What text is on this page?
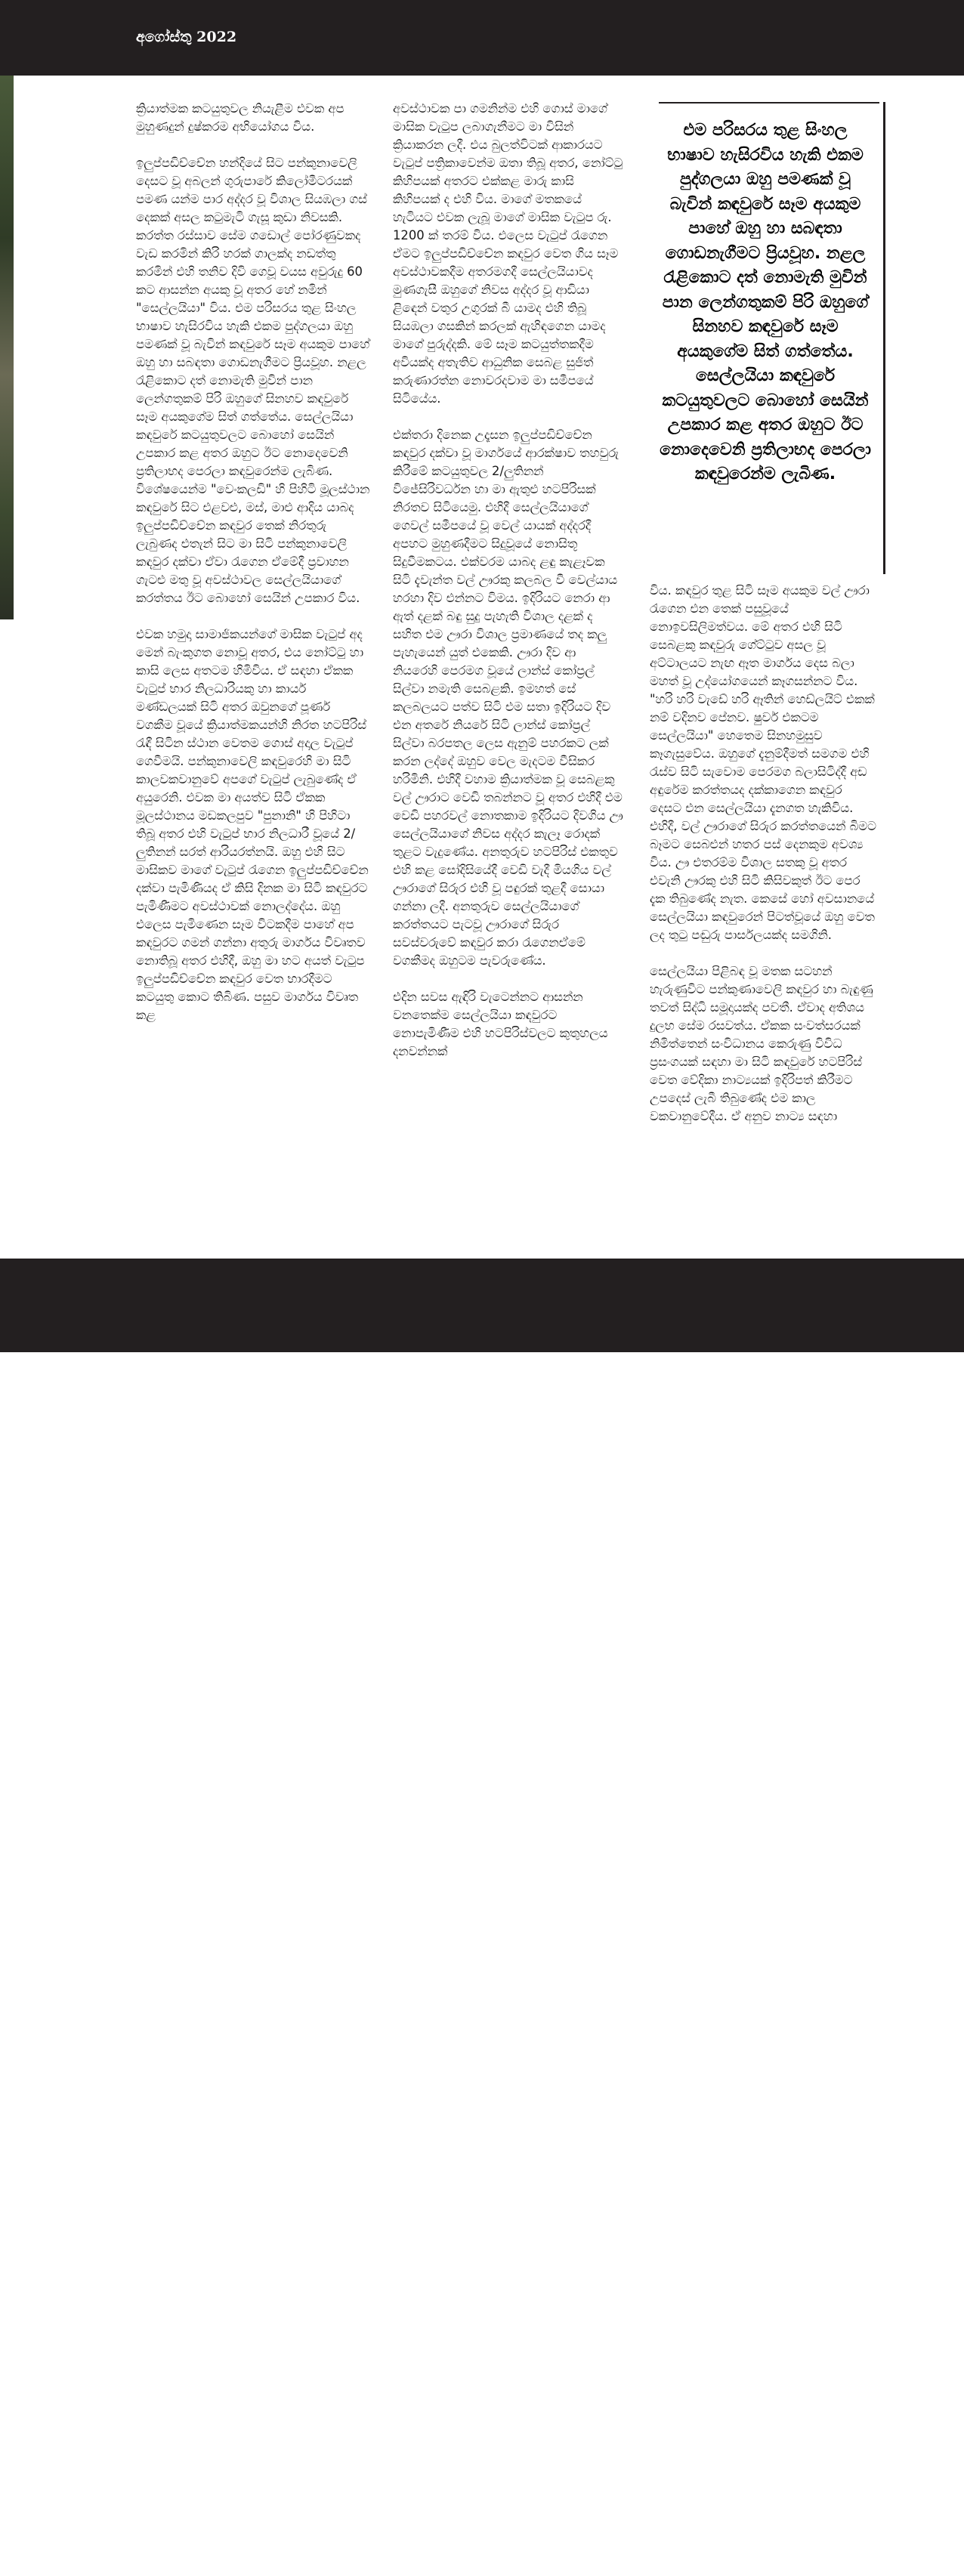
අගෝස්තු 2022

ක්‍රියාත්මක කටයුතුවල නියැළීම එවක අප මුහුණදුන් දුෂ්කරම අභියෝගය විය.

ඉලුප්පඩිච්චේන හන්දියේ සිට පන්කුනාවෙලි දෙසට වූ අබලන් ගුරුපාරේ කිලෝමීටරයක් පමණ යන්ම පාර අද්දර වූ විශාල සියඹලා ගස් දෙකක් අසල කටුමැටි ගැසූ කුඩා නිවසකි. කරත්ත රස්සාව සේම ගඩොල් පෝරණුවකද වැඩ කරමින් කිරි හරක් ගාලක්ද නඩත්තු කරමින් එහි තනිව දිවි ගෙවූ වයස අවුරුදු 60 කට ආසන්න අයකු වූ අතර හේ නමින් "සෙල්ලයියා" විය. එම පරිසරය තුළ සිංහල භාෂාව හැසිරවිය හැකි එකම පුද්ගලයා ඔහු පමණක් වූ බැවින් කඳවුරේ සෑම අයකුම පාහේ ඔහු හා සබඳතා ගොඩනැගීමට ප්‍රියවූහ. නළල රැළිකොට දත් නොමැති මුවින් පාන ලෙන්ගතුකම් පිරි ඔහුගේ සිනහව කඳවුරේ සෑම අයකුගේම සිත් ගත්තේය. සෙල්ලයියා කඳවුරේ කටයුතුවලට බොහෝ සෙයින් උපකාර කළ අතර ඔහුට ඊට නොදෙවෙනි ප්‍රතිලාභද පෙරලා කඳවුරෙන්ම ලැබිණ. විශේෂයෙන්ම "වෙංකලඩි" හි පිහිටි මූලස්ථාන කඳවුරේ සිට එළවළු, මස්, මාළු ආදිය යාබද ඉලුප්පඩිච්චේන කඳවුර තෙක් නිරතුරු ලැබුණද එතැන් සිට මා සිටි පන්කුනාවෙලි කඳවුර දක්වා ඒවා රැගෙන ඒමේදී ප්‍රවාහන ගැටළු මතු වූ අවස්ථාවල සෙල්ලයියාගේ කරත්තය ඊට බොහෝ සෙයින් උපකාර විය.

එවක හමුදා සාමාජිකයන්ගේ මාසික වැටුප් අද මෙන් බැංකුගත නොවූ අතර, එය නෝට්ටු හා කාසි ලෙස අතටම හිමිවිය. ඒ සඳහා ඒකක වැටුප් භාර නිලධාරියකු හා කාර්ය මණ්ඩලයක් සිටි අතර ඔවුනගේ පූර්ණ වගකීම වූයේ ක්‍රියාත්මකයන්හි නිරත හටපිරිස් රැඳී සිටින ස්ථාන වෙතම ගොස් අදාල වැටුප් ගෙවීමයි. පන්කුනාවෙලි කඳවුරෙහි මා සිටි කාලවකවානුවේ අපගේ වැටුප් ලැබුණේද ඒ අයුරෙනි. එවක මා අයත්ව සිටි ඒකක මූලස්ථානය මඩකලපුව "පුනානි" හි පිහිටා තිබූ අතර එහි වැටුප් භාර නිලධාරී වූයේ 2/ලුතිනන් සරත් ආරියරත්නයි. ඔහු එහි සිට මාසිකව මාගේ වැටුප් රැගෙන ඉලුප්පඩිච්චේන දක්වා පැමිණියද ඒ කිසි දිනක මා සිටි කඳවුරට පැමිණීමට අවස්ථාවක් නොලද්දේය. ඔහු එලෙස පැමිණෙන සෑම විටකදීම පාහේ අප කඳවුරට ගමන් ගන්නා අතුරු මාර්ගය විවෘතව නොතිබූ අතර එහිදී, ඔහු මා හට අයත් වැටුප ඉලුප්පඩිච්චේන කඳවුර වෙත භාරදීමට කටයුතු කොට තිබිණ. පසුව මාර්ගය විවෘත කළ

අවස්ථාවක පා ගමනින්ම එහි ගොස් මාගේ මාසික වැටුප ලබාගැනීමට මා විසින් ක්‍රියාකරන ලදී. එය බුලත්විටක් ආකාරයට වැටුප් පත්‍රිකාවෙන්ම ඔතා තිබූ අතර, නෝට්ටු කිහිපයක් අතරට එක්කළ මාරු කාසි කිහිපයක් ද එහි විය. මාගේ මතකයේ හැටියට එවක ලැබූ මාගේ මාසික වැටුප රු. 1200 ක් තරම් විය. එලෙස වැටුප් රැගෙන ඒමට ඉලුප්පඩිච්චේන කඳවුර වෙත ගිය සෑම අවස්ථාවකදීම අතරමගදී සෙල්ලයියාවද මුණගැසී ඔහුගේ නිවස අද්දර වූ ආඩියා ළිඳෙන් වතුර උගුරක් බී යාමද එහි තිබූ සියඹලා ගසකින් කරලක් ඇහිඳගෙන යාමද මාගේ පුරුද්දකි. මේ සෑම කටයුත්තකදීම අවියක්ද අතැතිව ආධුනික සෙබළ සුජිත් කරුණාරත්න නොවරදවාම මා සමීපයේ සිටියේය.

එක්තරා දිනෙක උදෑසන ඉලුප්පඩිච්චේන කඳවුර දක්වා වූ මාර්ගයේ ආරක්ෂාව තහවුරු කිරීමේ කටයුතුවල 2/ලුතිනන් විජේසිරිවර්ධන හා මා ඇතුළු හටපිරිසක් නිරතව සිටියෙමු. එහිදී සෙල්ලයියාගේ ගෙවල් සමීපයේ වූ වෙල් යායක් අද්දරදී අපහට මුහුණදීමට සිදුවූයේ නොසිතූ සිදුවීමකටය. එක්වරම යාබද ළඳු කැළෑවක සිටි දැවැන්ත වල් ඌරකු කලබල වී වෙල්යාය හරහා දිව එන්නට විමය. ඉදිරියට නෙරා ආ ඇත් දළක් බඳු සුදු පැහැති විශාල දළක් ද සහිත එම ඌරා විශාල ප්‍රමාණයේ තද කලු පැහැයෙන් යුත් එකෙකි. ඌරා දිව ආ නියරෙහි පෙරමග වූයේ ලාන්ස් කෝප්‍රල් සිල්වා නමැති සෙබළකි. ඉමහත් සේ කලබලයට පත්ව සිටි එම සතා ඉදිරියට දිව එන අතරේ නියරේ සිටි ලාන්ස් කෝප්‍රල් සිල්වා බරපතල ලෙස ඇනුම් පහරකට ලක් කරන ලද්දේ ඔහුව වෙල මැදටම වීසිකර හරිමිනි. එහිදී වහාම ක්‍රියාත්මක වූ සෙබළකු වල් ඌරාට වෙඩි තබන්නට වූ අතර එහිදී එම වෙඩි පහරවල් නොතකාම ඉදිරියට දිවගිය ඌ සෙල්ලයියාගේ නිවස අද්දර කැලෑ රොදක් තුළට වැදුණේය. අනතුරුව හටපිරිස් එකතුව එහි කළ සෝදිසියේදී වෙඩි වැදී මියගිය වල් ඌරාගේ සිරුර එහි වූ පඳුරක් තුළදී සොයා ගන්නා ලදී. අනතුරුව සෙල්ලයියාගේ කරත්තයට පැටවූ ඌරාගේ සිරුර සවස්වරුවේ කඳවුර කරා රැගෙනඒමේ වගකීමද ඔහුටම පැවරුණේය.

එදින සවස ඇඳිරි වැටෙන්නට ආසන්න වනතෙක්ම සෙල්ලයියා කඳවුරට නොපැමිණීම එහි හටපිරිස්වලට කුතුහලය දනවන්නක්

එම පරිසරය තුළ සිංහල භාෂාව හැසිරවිය හැකි එකම පුද්ගලයා ඔහු පමණක් වූ බැවින් කඳවුරේ සෑම අයකුම පාහේ ඔහු හා සබඳතා ගොඩනැගීමට ප්‍රියවූහ. නළල රැළිකොට දත් නොමැති මුවින් පාන ලෙන්ගතුකම් පිරි ඔහුගේ සිනහව කඳවුරේ සෑම අයකුගේම සිත් ගත්තේය. සෙල්ලයියා කඳවුරේ කටයුතුවලට බොහෝ සෙයින් උපකාර කළ අතර ඔහුට ඊට නොදෙවෙනි ප්‍රතිලාභද පෙරලා කඳවුරෙන්ම ලැබිණ.

විය. කඳවුර තුළ සිටි සෑම අයකුම වල් ඌරා රැගෙන එන තෙක් පසුවූයේ නොඉවසිලිමත්වය. මේ අතර එහි සිටි සෙබළකු කඳවුරු ගේට්ටුව අසල වූ අට්ටාලයට නැඟ ඈත මාර්ගය දෙස බලා මහත් වූ උද්යෝගයෙන් කෑගසන්නට විය. "හරි හරි වැඩේ හරි ඈතින් හෙඩ්ලයිට් එකක් නම් වදිනව පේනව. ෂුවර් එකටම සෙල්ලයියා" හෙතෙම සිනහමුසුව කෑගැසුවේය. ඔහුගේ දැනුම්දීමත් සමගම එහි රැස්ව සිටි සැවොම පෙරමග බලාසිටිද්දී අඩ අඳුරේම කරත්තයද දක්කාගෙන කඳවුර දෙසට එන සෙල්ලයියා දැනගත හැකිවිය. එහිදී, වල් ඌරාගේ සිරුර කරත්තයෙන් බිමට බෑමට සෙබළුන් හතර පස් දෙනකුම අවශ්‍ය විය. ඌ එතරම්ම විශාල සතකු වූ අතර එවැනි ඌරකු එහි සිටි කිසිවකුත් ඊට පෙර දැක තිබුණේද නැත. කෙසේ හෝ අවසානයේ සෙල්ලයියා කඳවුරෙන් පිටත්වූයේ ඔහු වෙත ලද තුටු පඬුරු පාර්සලයක්ද සමගිනි.

සෙල්ලයියා පිළිබඳ වූ මතක සටහන් හැරුණුවිට පන්කුණාවෙලි කඳවුර හා බැඳුණු තවත් සිද්ධි සමූදායක්ද පවතී. ඒවාද අතිශය දුලභ සේම රසවත්ය. ඒකක සංවත්සරයක් නිමිත්තෙන් සංවිධානය කෙරුණු විවිධ ප්‍රසංගයක් සඳහා මා සිටි කඳවුරේ හටපිරිස් වෙත වේදිකා නාට්‍යයක් ඉදිරිපත් කිරීමට උපදෙස් ලැබී තිබුණේද එම කාල වකවානුවේදීය. ඒ අනුව නාට්‍ය සඳහා

රණවිරුවා	43
